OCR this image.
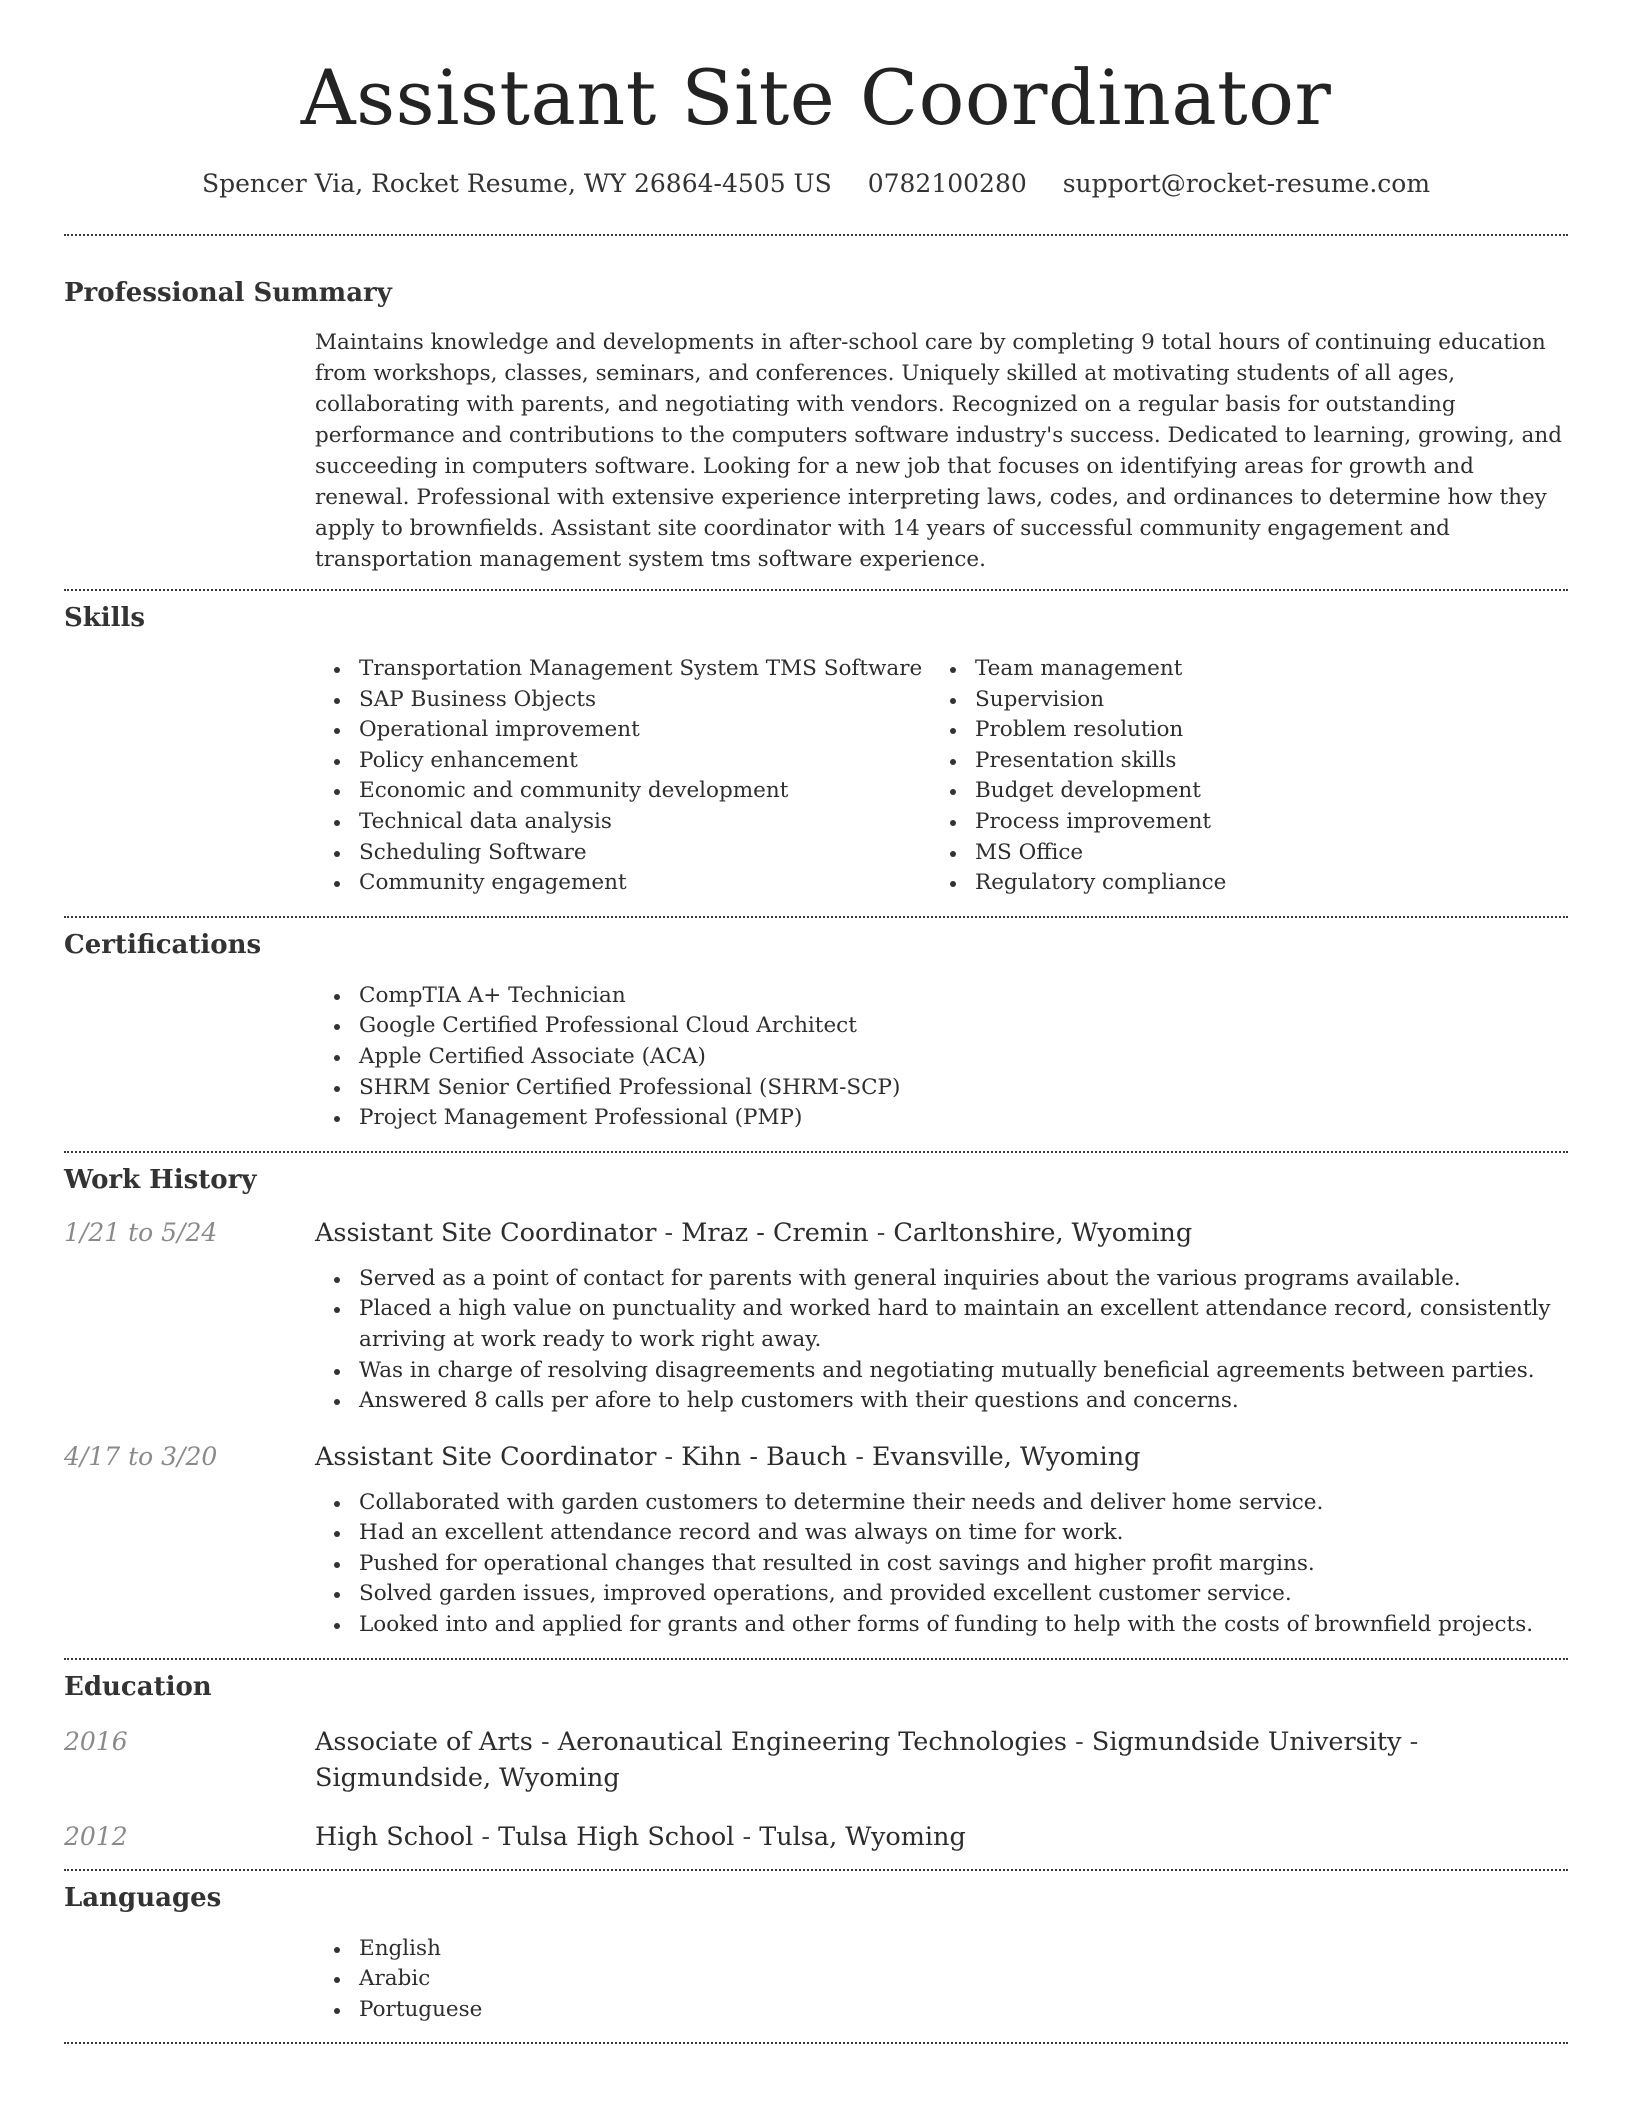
Assistant Site Coordinator
Spencer Via, Rocket Resume, WY 26864-4505 US 0782100280 support@rocket-resume.com
Professional Summary
Maintains knowledge and developments in after-school care by completing 9 total hours of continuing education from workshops, classes, seminars, and conferences. Uniquely skilled at motivating students of all ages, collaborating with parents, and negotiating with vendors. Recognized on a regular basis for outstanding performance and contributions to the computers software industry's success. Dedicated to learning, growing, and succeeding in computers software. Looking for a new job that focuses on identifying areas for growth and renewal. Professional with extensive experience interpreting laws, codes, and ordinances to determine how they apply to brownfields. Assistant site coordinator with 14 years of successful community engagement and transportation management system tms software experience.
Skills
Transportation Management System TMS Software
SAP Business Objects
Operational improvement
Policy enhancement
Economic and community development
Technical data analysis
Scheduling Software
Community engagement
Team management
Supervision
Problem resolution
Presentation skills
Budget development
Process improvement
MS Office
Regulatory compliance
Certifications
CompTIA A+ Technician
Google Certified Professional Cloud Architect
Apple Certified Associate (ACA)
SHRM Senior Certified Professional (SHRM-SCP)
Project Management Professional (PMP)
Work History
1/21 to 5/24	Assistant Site Coordinator - Mraz - Cremin - Carltonshire, Wyoming
Served as a point of contact for parents with general inquiries about the various programs available.
Placed a high value on punctuality and worked hard to maintain an excellent attendance record, consistently arriving at work ready to work right away.
Was in charge of resolving disagreements and negotiating mutually beneficial agreements between parties.
Answered 8 calls per afore to help customers with their questions and concerns.
4/17 to 3/20	Assistant Site Coordinator - Kihn - Bauch - Evansville, Wyoming
Collaborated with garden customers to determine their needs and deliver home service.
Had an excellent attendance record and was always on time for work.
Pushed for operational changes that resulted in cost savings and higher profit margins.
Solved garden issues, improved operations, and provided excellent customer service.
Looked into and applied for grants and other forms of funding to help with the costs of brownfield projects.
Education
2016	Associate of Arts - Aeronautical Engineering Technologies - Sigmundside University - Sigmundside, Wyoming
2012	High School - Tulsa High School - Tulsa, Wyoming
Languages
English
Arabic
Portuguese
